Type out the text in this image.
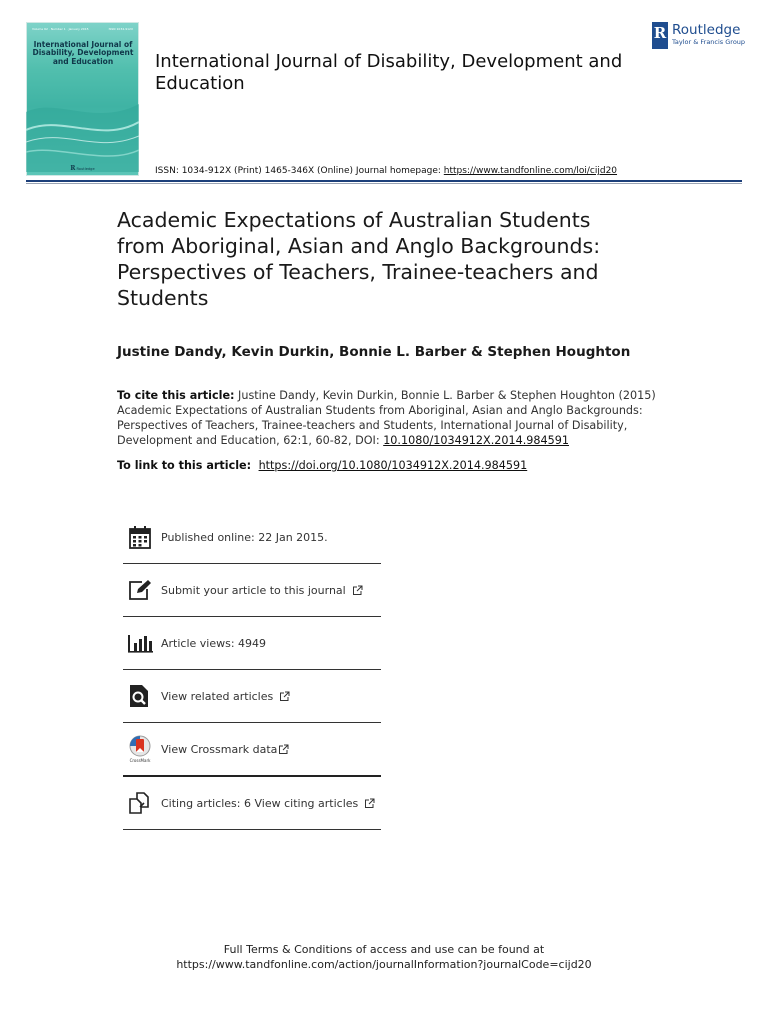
Volume 62 · Number 1 · January 2015	ISSN 1034-912X
International Journal of Disability, Development and Education
R Routledge
International Journal of Disability, Development and Education
R Routledge
Taylor & Francis Group
ISSN: 1034-912X (Print) 1465-346X (Online) Journal homepage: https://www.tandfonline.com/loi/cijd20
Academic Expectations of Australian Students from Aboriginal, Asian and Anglo Backgrounds: Perspectives of Teachers, Trainee-teachers and Students
Justine Dandy, Kevin Durkin, Bonnie L. Barber & Stephen Houghton
To cite this article: Justine Dandy, Kevin Durkin, Bonnie L. Barber & Stephen Houghton (2015) Academic Expectations of Australian Students from Aboriginal, Asian and Anglo Backgrounds: Perspectives of Teachers, Trainee-teachers and Students, International Journal of Disability, Development and Education, 62:1, 60-82, DOI: 10.1080/1034912X.2014.984591
To link to this article:  https://doi.org/10.1080/1034912X.2014.984591
Published online: 22 Jan 2015.
Submit your article to this journal
Article views: 4949
View related articles
CrossMark
View Crossmark data
Citing articles: 6 View citing articles
Full Terms & Conditions of access and use can be found at
https://www.tandfonline.com/action/journalInformation?journalCode=cijd20
